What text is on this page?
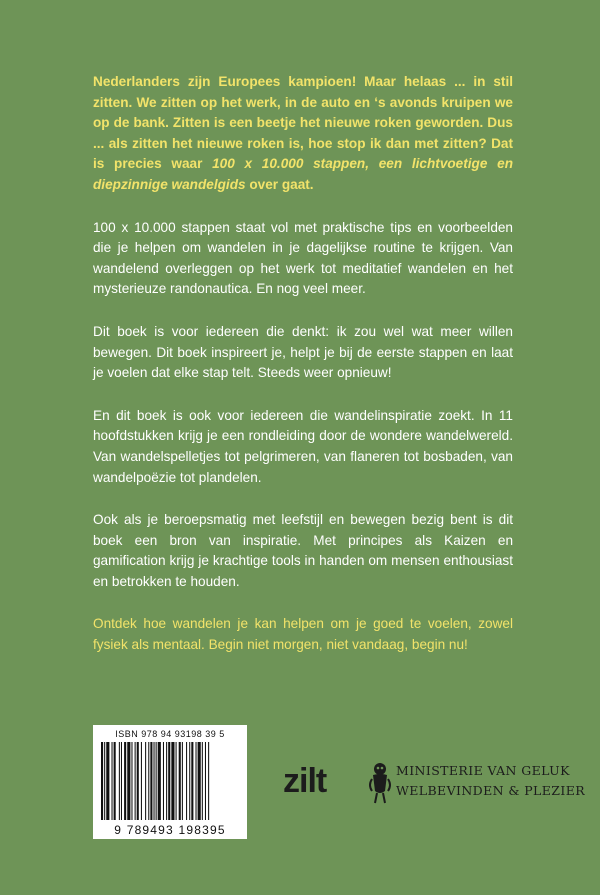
Nederlanders zijn Europees kampioen! Maar helaas ... in stil zitten. We zitten op het werk, in de auto en ‘s avonds kruipen we op de bank. Zitten is een beetje het nieuwe roken geworden. Dus ... als zitten het nieuwe roken is, hoe stop ik dan met zitten? Dat is precies waar 100 x 10.000 stappen, een lichtvoetige en diepzinnige wandelgids over gaat.

100 x 10.000 stappen staat vol met praktische tips en voorbeelden die je helpen om wandelen in je dagelijkse routine te krijgen. Van wandelend overleggen op het werk tot meditatief wandelen en het mysterieuze randonautica. En nog veel meer.

Dit boek is voor iedereen die denkt: ik zou wel wat meer willen bewegen. Dit boek inspireert je, helpt je bij de eerste stappen en laat je voelen dat elke stap telt. Steeds weer opnieuw!

En dit boek is ook voor iedereen die wandelinspiratie zoekt. In 11 hoofdstukken krijg je een rondleiding door de wondere wandelwereld. Van wandelspelletjes tot pelgrimeren, van flaneren tot bosbaden, van wandelpoëzie tot plandelen.

Ook als je beroepsmatig met leefstijl en bewegen bezig bent is dit boek een bron van inspiratie. Met principes als Kaizen en gamification krijg je krachtige tools in handen om mensen enthousiast en betrokken te houden.

Ontdek hoe wandelen je kan helpen om je goed te voelen, zowel fysiek als mentaal. Begin niet morgen, niet vandaag, begin nu!

ISBN 978 94 93198 39 5
9 789493 198395
zilt	MINISTERIE VAN GELUK
WELBEVINDEN & PLEZIER
